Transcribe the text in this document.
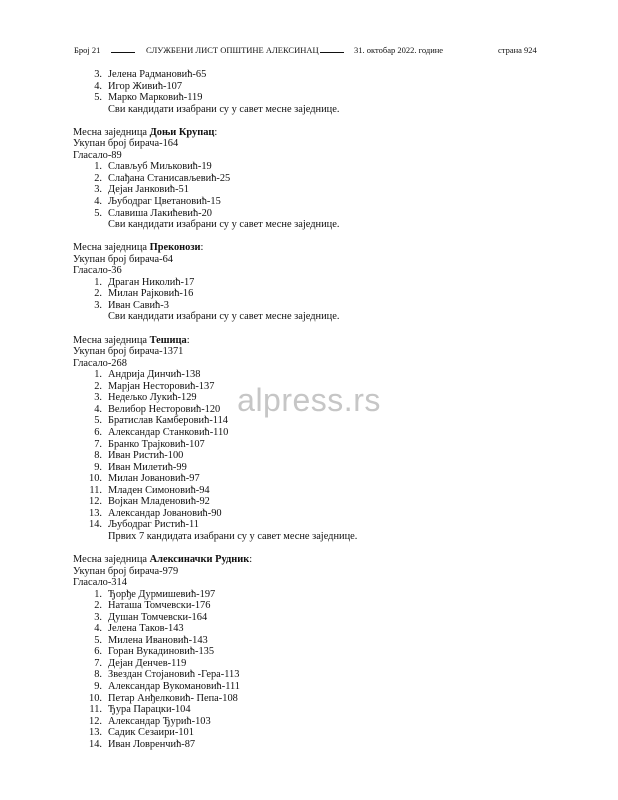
Број 21	СЛУЖБЕНИ ЛИСТ ОПШТИНЕ АЛЕКСИНАЦ	31. октобар 2022. године	страна 924
3. Јелена Радмановић-65
4. Игор Живић-107
5. Марко Марковић-119
Сви кандидати изабрани су у савет месне заједнице.
Месна заједница Доњи Крупац:
Укупан број бирача-164
Гласало-89
1. Слављуб Миљковић-19
2. Слађана Станисављевић-25
3. Дејан Јанковић-51
4. Љубодраг Цветановић-15
5. Славиша Лакићевић-20
Сви кандидати изабрани су у савет месне заједнице.
Месна заједница Преконози:
Укупан број бирача-64
Гласало-36
1. Драган Николић-17
2. Милан Рајковић-16
3. Иван Савић-3
Сви кандидати изабрани су у савет месне заједнице.
Месна заједница Тешица:
Укупан број бирача-1371
Гласало-268
1. Андрија Динчић-138
2. Марјан Несторовић-137
3. Недељко Лукић-129
4. Велибор Несторовић-120
5. Братислав Камберовић-114
6. Александар Станковић-110
7. Бранко Трајковић-107
8. Иван Ристић-100
9. Иван Милетић-99
10. Милан Јовановић-97
11. Младен Симоновић-94
12. Војкан Младеновић-92
13. Александар Јовановић-90
14. Љубодраг Ристић-11
Првих 7 кандидата изабрани су у савет месне заједнице.
Месна заједница Алексиначки Рудник:
Укупан број бирача-979
Гласало-314
1. Ђорђе Дурмишевић-197
2. Наташа Томчевски-176
3. Душан Томчевски-164
4. Јелена Таков-143
5. Милена Ивановић-143
6. Горан Вукадиновић-135
7. Дејан Денчев-119
8. Звездан Стојановић -Гера-113
9. Александар Вукомановић-111
10. Петар Анђелковић- Пепа-108
11. Ђура Парацки-104
12. Александар Ђурић-103
13. Садик Сезаири-101
14. Иван Ловренчић-87
alpress.rs
